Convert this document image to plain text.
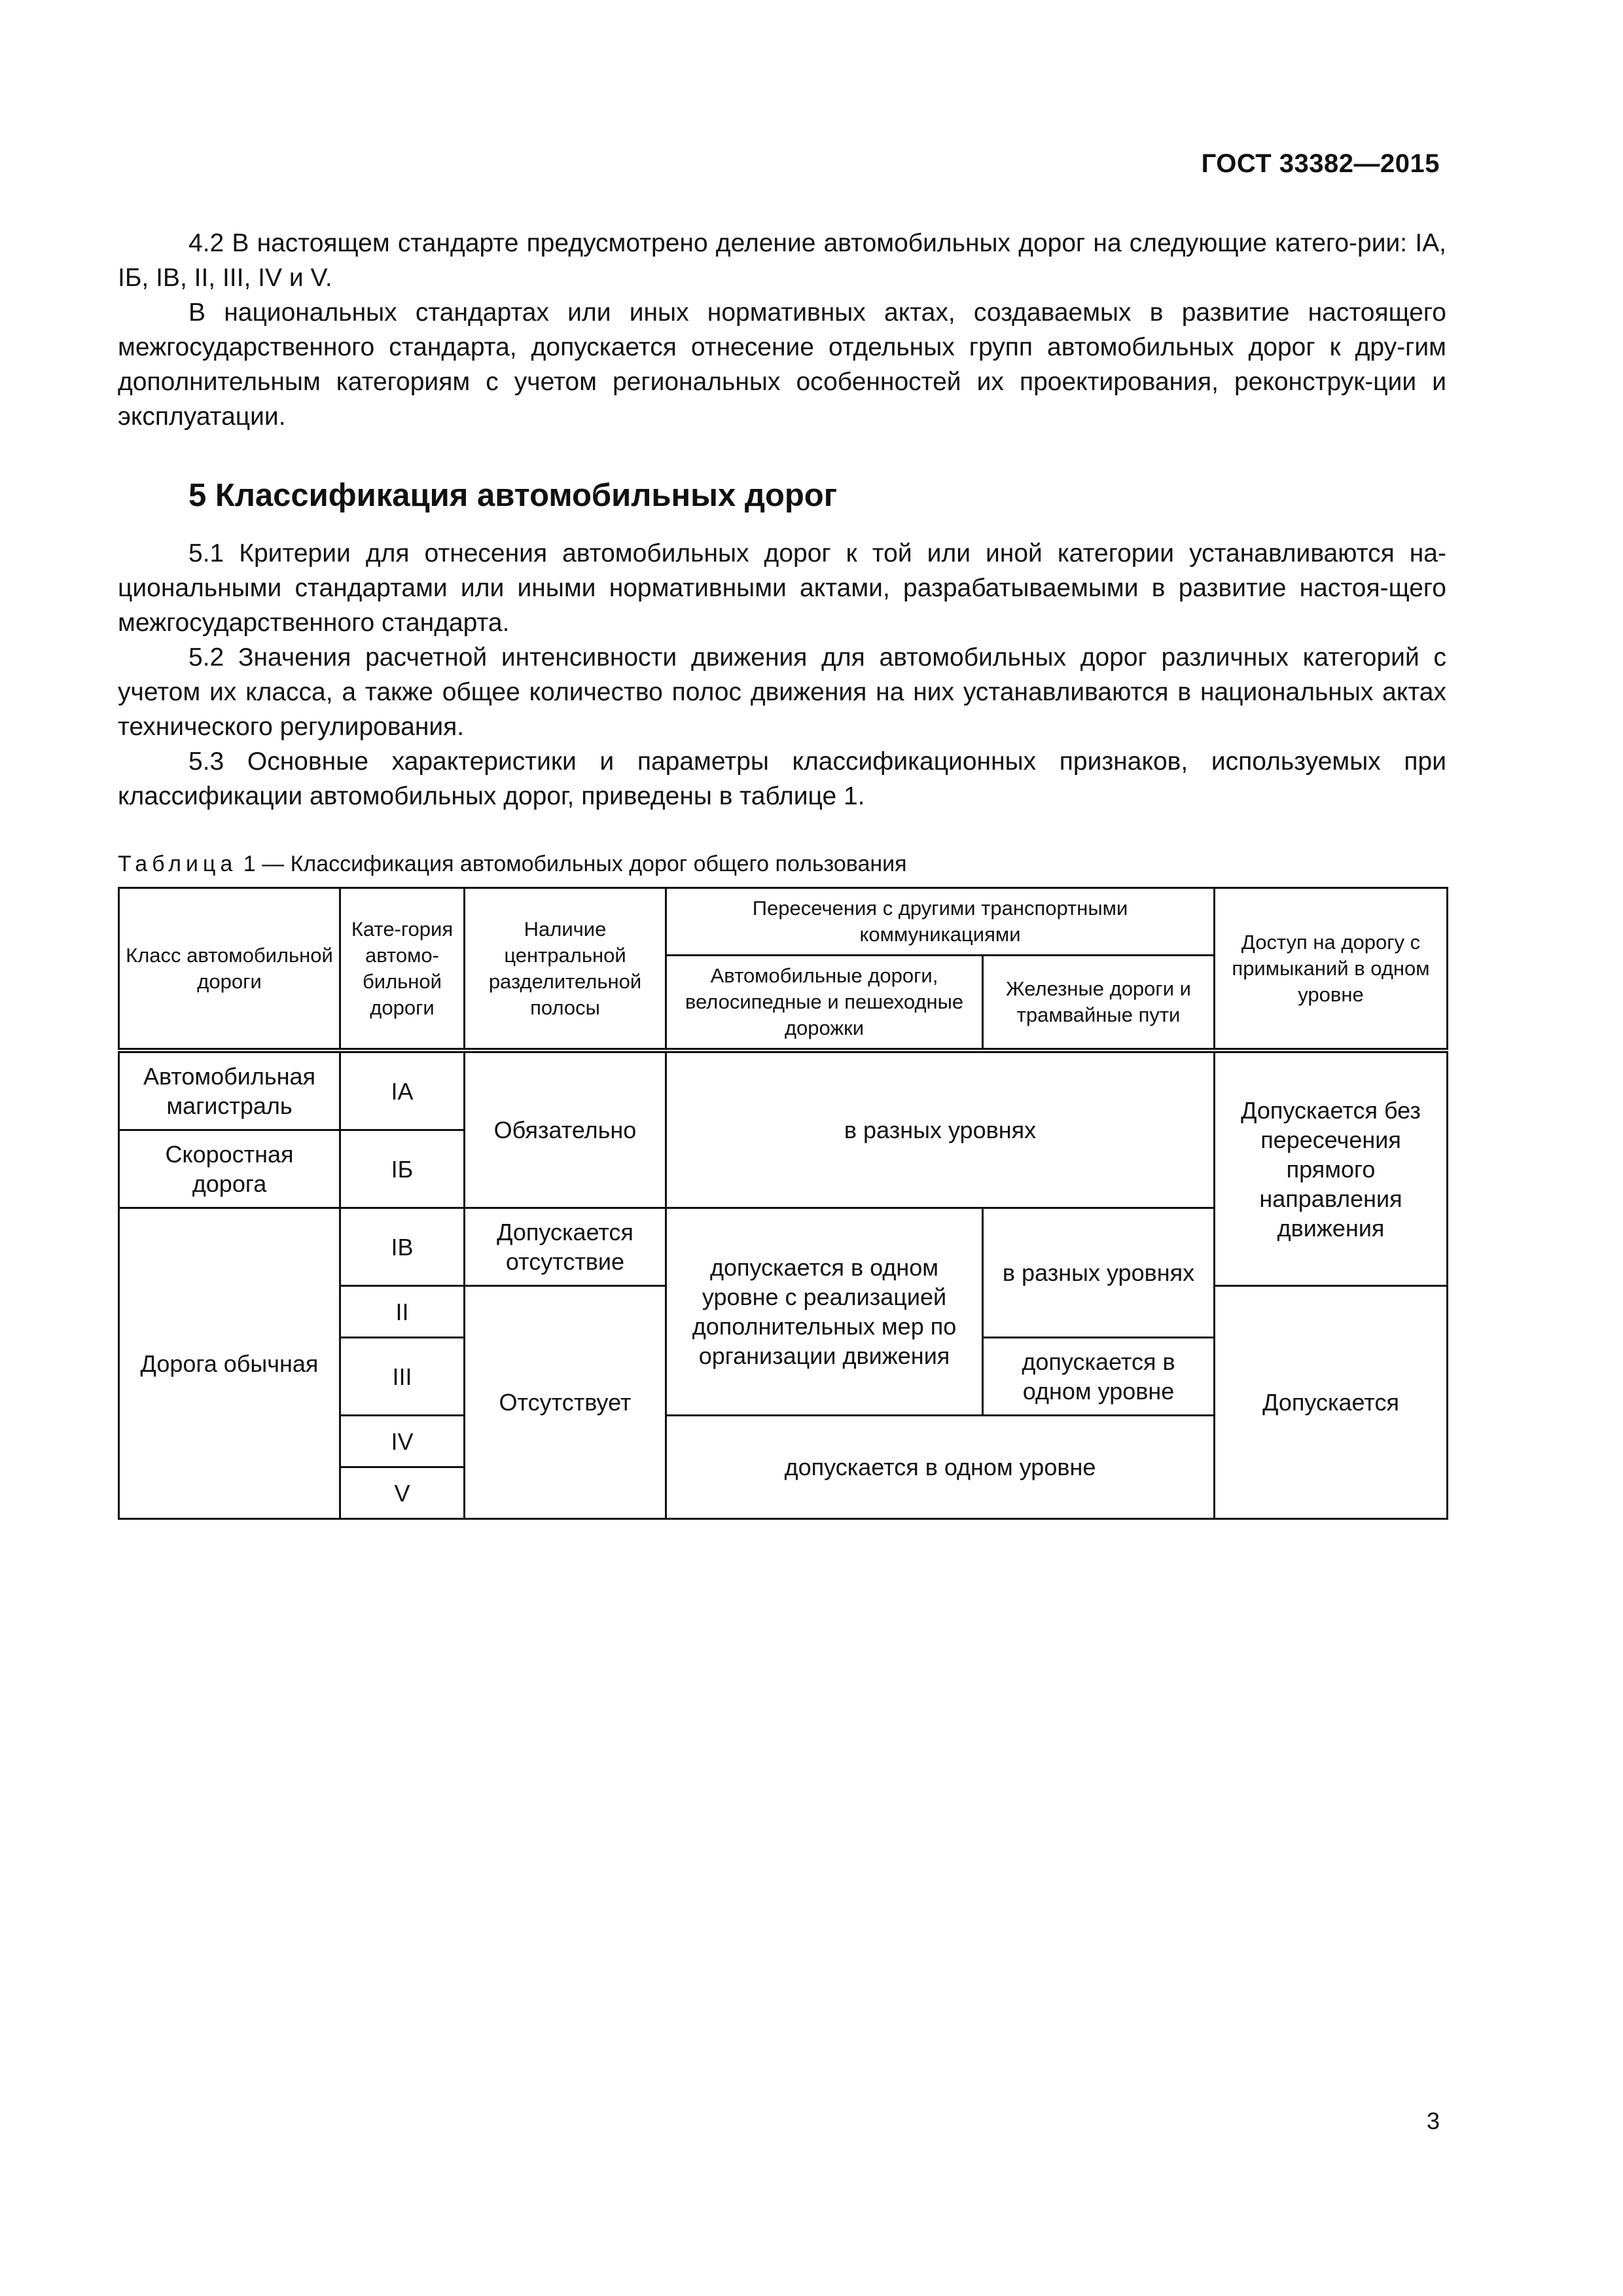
ГОСТ 33382—2015

4.2 В настоящем стандарте предусмотрено деление автомобильных дорог на следующие катего-рии: IA, IБ, IB, II, III, IV и V.

В национальных стандартах или иных нормативных актах, создаваемых в развитие настоящего межгосударственного стандарта, допускается отнесение отдельных групп автомобильных дорог к дру-гим дополнительным категориям с учетом региональных особенностей их проектирования, реконструк-ции и эксплуатации.

5 Классификация автомобильных дорог

5.1 Критерии для отнесения автомобильных дорог к той или иной категории устанавливаются на-циональными стандартами или иными нормативными актами, разрабатываемыми в развитие настоя-щего межгосударственного стандарта.

5.2 Значения расчетной интенсивности движения для автомобильных дорог различных категорий с учетом их класса, а также общее количество полос движения на них устанавливаются в национальных актах технического регулирования.

5.3 Основные характеристики и параметры классификационных признаков, используемых при классификации автомобильных дорог, приведены в таблице 1.

Таблица 1 — Классификация автомобильных дорог общего пользования
Класс автомобильной дороги	Кате-гория автомо-бильной дороги	Наличие центральной разделительной полосы	Пересечения с другими транспортными коммуникациями		Доступ на дорогу с примыканий в одном уровне
			Автомобильные дороги, велосипедные и пешеходные дорожки	Железные дороги и трамвайные пути	
Автомобильная магистраль	IA	Обязательно	в разных уровнях		Допускается без пересечения прямого направления движения
Скоростная дорога	IБ				
Дорога обычная	IB	Допускается отсутствие	допускается в одном уровне с реализацией дополнительных мер по организации движения	в разных уровнях	
	II	Отсутствует			Допускается
	III			допускается в одном уровне	
	IV		допускается в одном уровне		
	V				
3
